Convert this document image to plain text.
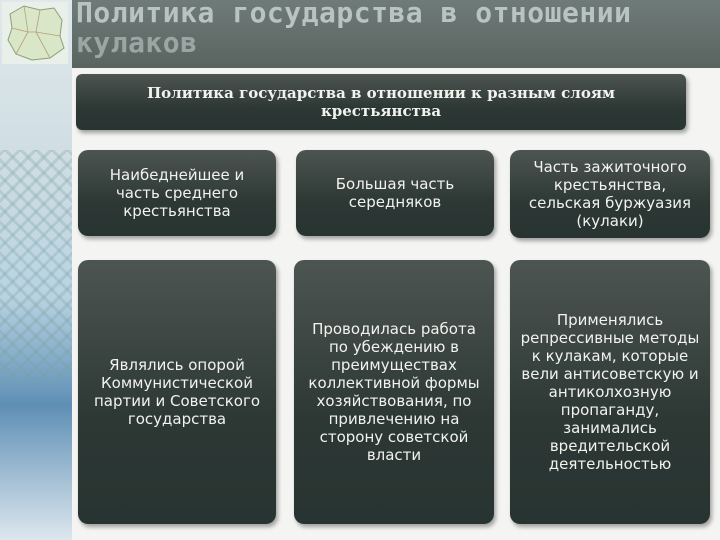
Политика государства в отношении
кулаков
Политика государства в отношении к разным слоям крестьянства
Наибеднейшее и часть среднего крестьянства
Большая часть середняков
Часть зажиточного крестьянства, сельская буржуазия (кулаки)
Являлись опорой Коммунистической партии и Советского государства
Проводилась работа по убеждению в преимуществах коллективной формы хозяйствования, по привлечению на сторону советской власти
Применялись репрессивные методы к кулакам, которые вели антисоветскую и антиколхозную пропаганду, занимались вредительской деятельностью
